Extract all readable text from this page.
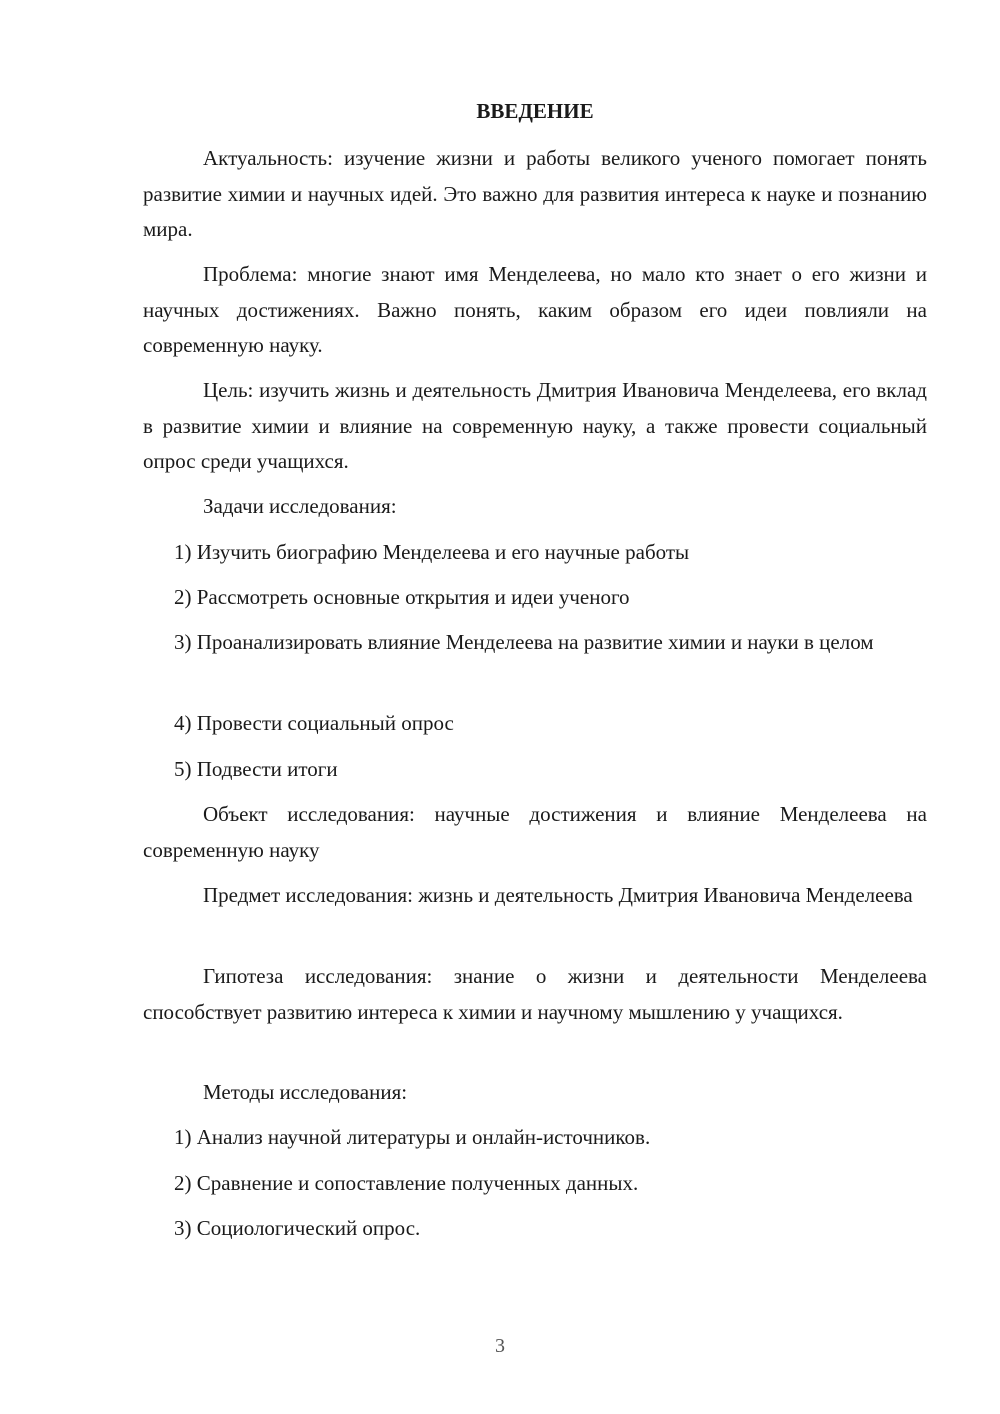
ВВЕДЕНИЕ

Актуальность: изучение жизни и работы великого ученого помогает понять развитие химии и научных идей. Это важно для развития интереса к науке и познанию мира.

Проблема: многие знают имя Менделеева, но мало кто знает о его жизни и научных достижениях. Важно понять, каким образом его идеи повлияли на современную науку.

Цель: изучить жизнь и деятельность Дмитрия Ивановича Менделеева, его вклад в развитие химии и влияние на современную науку, а также провести социальный опрос среди учащихся.

Задачи исследования:

1) Изучить биографию Менделеева и его научные работы

2) Рассмотреть основные открытия и идеи ученого

3) Проанализировать влияние Менделеева на развитие химии и науки в целом

4) Провести социальный опрос

5) Подвести итоги

Объект исследования: научные достижения и влияние Менделеева на современную науку

Предмет исследования: жизнь и деятельность Дмитрия Ивановича Менделеева

Гипотеза исследования: знание о жизни и деятельности Менделеева способствует развитию интереса к химии и научному мышлению у учащихся.

Методы исследования:

1) Анализ научной литературы и онлайн-источников.

2) Сравнение и сопоставление полученных данных.

3) Социологический опрос.

3
